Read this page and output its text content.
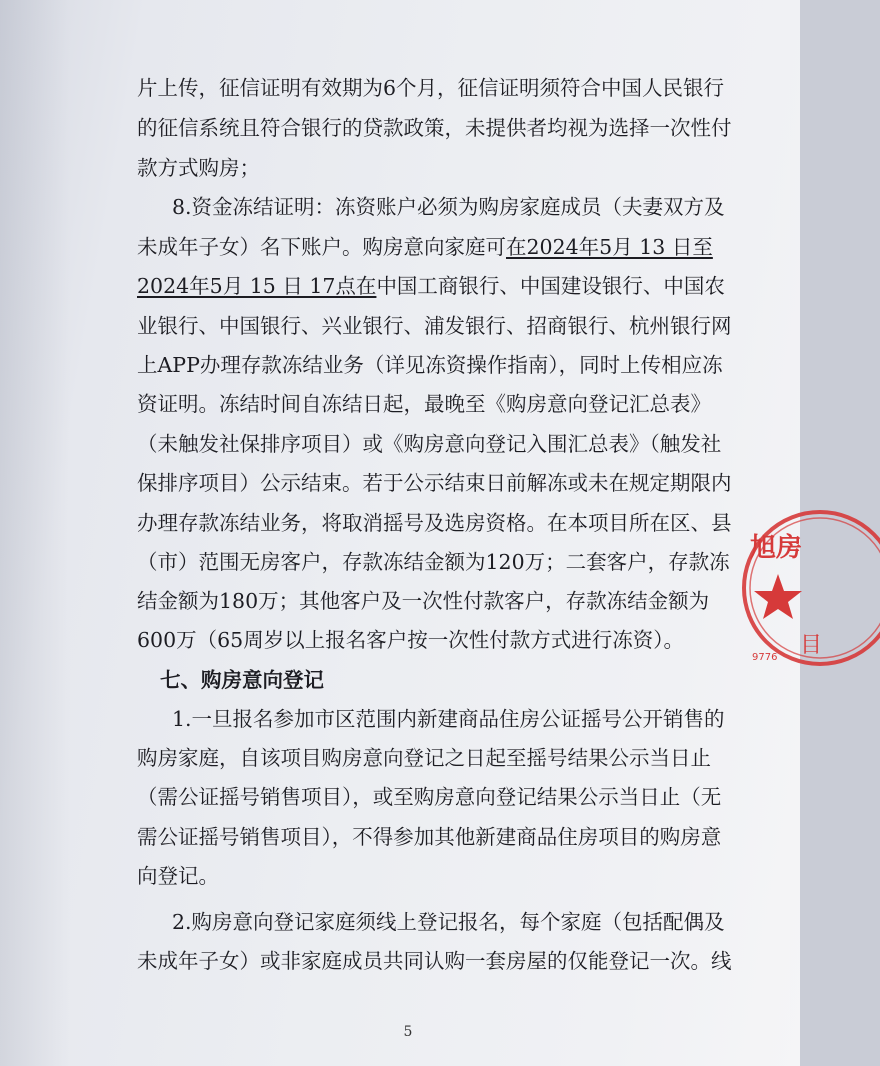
片上传，征信证明有效期为6个月，征信证明须符合中国人民银行
的征信系统且符合银行的贷款政策，未提供者均视为选择一次性付
款方式购房；
8.资金冻结证明：冻资账户必须为购房家庭成员（夫妻双方及
未成年子女）名下账户。购房意向家庭可在2024年5月 13 日至
2024年5月 15 日 17点在中国工商银行、中国建设银行、中国农
业银行、中国银行、兴业银行、浦发银行、招商银行、杭州银行网
上APP办理存款冻结业务（详见冻资操作指南），同时上传相应冻
资证明。冻结时间自冻结日起，最晚至《购房意向登记汇总表》
（未触发社保排序项目）或《购房意向登记入围汇总表》（触发社
保排序项目）公示结束。若于公示结束日前解冻或未在规定期限内
办理存款冻结业务，将取消摇号及选房资格。在本项目所在区、县
（市）范围无房客户，存款冻结金额为120万；二套客户，存款冻
结金额为180万；其他客户及一次性付款客户，存款冻结金额为
600万（65周岁以上报名客户按一次性付款方式进行冻资）。
七、购房意向登记
1.一旦报名参加市区范围内新建商品住房公证摇号公开销售的
购房家庭，自该项目购房意向登记之日起至摇号结果公示当日止
（需公证摇号销售项目），或至购房意向登记结果公示当日止（无
需公证摇号销售项目），不得参加其他新建商品住房项目的购房意
向登记。
2.购房意向登记家庭须线上登记报名，每个家庭（包括配偶及
未成年子女）或非家庭成员共同认购一套房屋的仅能登记一次。线
5
旭房
9776 目
